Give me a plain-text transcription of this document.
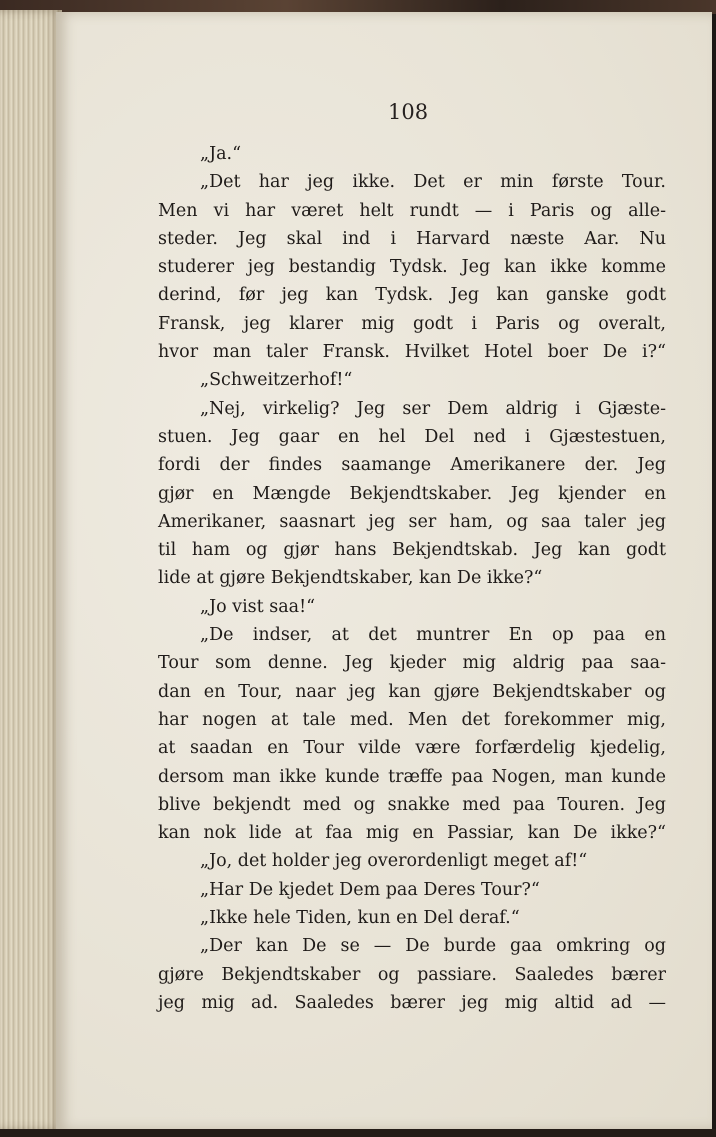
108
„Ja.“
„Det har jeg ikke. Det er min første Tour.
Men vi har været helt rundt — i Paris og alle-
steder. Jeg skal ind i Harvard næste Aar. Nu
studerer jeg bestandig Tydsk. Jeg kan ikke komme
derind, før jeg kan Tydsk. Jeg kan ganske godt
Fransk, jeg klarer mig godt i Paris og overalt,
hvor man taler Fransk. Hvilket Hotel boer De i?“
„Schweitzerhof!“
„Nej, virkelig? Jeg ser Dem aldrig i Gjæste-
stuen. Jeg gaar en hel Del ned i Gjæstestuen,
fordi der findes saamange Amerikanere der. Jeg
gjør en Mængde Bekjendtskaber. Jeg kjender en
Amerikaner, saasnart jeg ser ham, og saa taler jeg
til ham og gjør hans Bekjendtskab. Jeg kan godt
lide at gjøre Bekjendtskaber, kan De ikke?“
„Jo vist saa!“
„De indser, at det muntrer En op paa en
Tour som denne. Jeg kjeder mig aldrig paa saa-
dan en Tour, naar jeg kan gjøre Bekjendtskaber og
har nogen at tale med. Men det forekommer mig,
at saadan en Tour vilde være forfærdelig kjedelig,
dersom man ikke kunde træffe paa Nogen, man kunde
blive bekjendt med og snakke med paa Touren. Jeg
kan nok lide at faa mig en Passiar, kan De ikke?“
„Jo, det holder jeg overordenligt meget af!“
„Har De kjedet Dem paa Deres Tour?“
„Ikke hele Tiden, kun en Del deraf.“
„Der kan De se — De burde gaa omkring og
gjøre Bekjendtskaber og passiare. Saaledes bærer
jeg mig ad. Saaledes bærer jeg mig altid ad —
